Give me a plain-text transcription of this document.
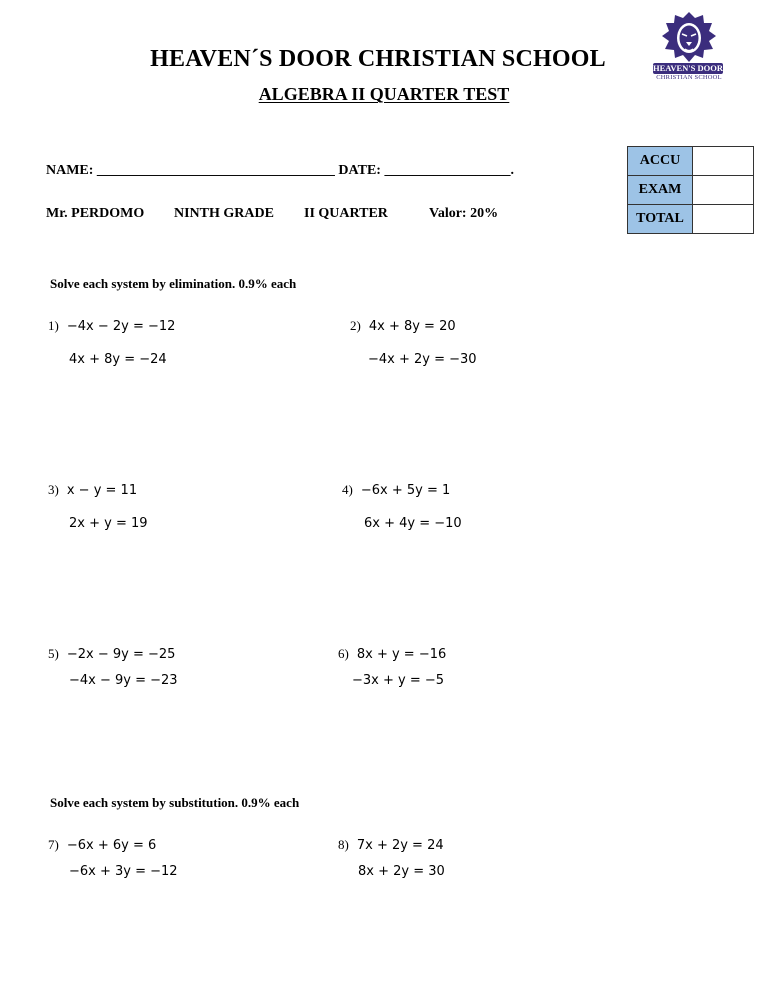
HEAVEN´S DOOR CHRISTIAN SCHOOL
ALGEBRA II QUARTER TEST
HEAVEN'S DOOR
CHRISTIAN SCHOOL
ACCU	
EXAM	
TOTAL	
NAME: __________________________________ DATE: __________________.
Mr. PERDOMO NINTH GRADE II QUARTER	Valor: 20%
Solve each system by elimination. 0.9% each
1) −4x − 2y = −12
4x + 8y = −24
2) 4x + 8y = 20
−4x + 2y = −30
3) x − y = 11
2x + y = 19
4) −6x + 5y = 1
6x + 4y = −10
5) −2x − 9y = −25
−4x − 9y = −23
6) 8x + y = −16
−3x + y = −5
Solve each system by substitution. 0.9% each
7) −6x + 6y = 6
−6x + 3y = −12
8) 7x + 2y = 24
8x + 2y = 30
